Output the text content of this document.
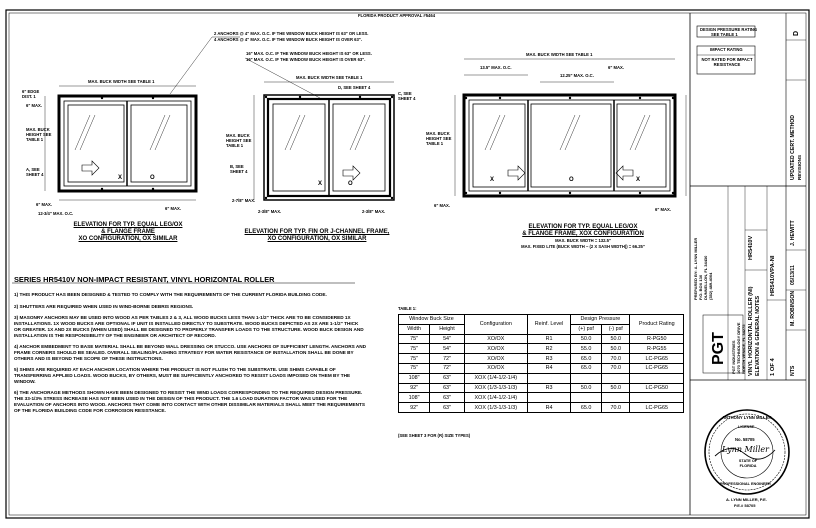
FLORIDA PRODUCT APPROVAL #5464
MAX. BUCK WIDTH SEE TABLE 1
6" EDGE DIST. 1
6" MAX.
MAX. BUCK HEIGHT SEE TABLE 1
A, SEE SHEET 4
6" MAX.
12-3/4" MAX. O.C.
6" MAX.
X	O
ELEVATION FOR TYP. EQUAL LEG/OX
& FLANGE FRAME
XO CONFIGURATION, OX SIMILAR
2 ANCHORS @ 4" MAX. O.C. IF THE WINDOW BUCK HEIGHT IS 63" OR LESS.
4 ANCHORS @ 4" MAX. O.C. IF THE WINDOW BUCK HEIGHT IS OVER 63".
16" MAX. O.C. IF THE WINDOW BUCK HEIGHT IS 63" OR LESS.
16" MAX. O.C. IF THE WINDOW BUCK HEIGHT IS OVER 63".
MAX. BUCK WIDTH SEE TABLE 1
D, SEE SHEET 4
MAX. BUCK HEIGHT SEE TABLE 1
B, SEE SHEET 4
C, SEE SHEET 4
2-7/8" MAX.
2-3/8" MAX.	2-3/8" MAX.
X	O
ELEVATION FOR TYP. FIN OR J-CHANNEL FRAME,
XO CONFIGURATION, OX SIMILAR
MAX. BUCK WIDTH SEE TABLE 1
13.5" MAX. O.C.
12.25" MAX. O.C.
6" MAX.
MAX. BUCK HEIGHT SEE TABLE 1
6" MAX.
6" MAX.
X	O	X
ELEVATION FOR TYP. EQUAL LEG/OX
& FLANGE FRAME, XOX CONFIGURATION
MAX. BUCK WIDTH = 132.5"
MAX. FIXED LITE (BUCK WIDTH – (2 X SASH WIDTH)) = 66.25"
SERIES HR5410V NON-IMPACT RESISTANT, VINYL HORIZONTAL ROLLER

1) THIS PRODUCT HAS BEEN DESIGNED & TESTED TO COMPLY WITH THE REQUIREMENTS OF THE CURRENT FLORIDA BUILDING CODE.

2) SHUTTERS ARE REQUIRED WHEN USED IN WIND-BORNE DEBRIS REGIONS.

3) MASONRY ANCHORS MAY BE USED INTO WOOD AS PER TABLES 2 & 3, ALL WOOD BUCKS LESS THAN 1-1/2" THICK ARE TO BE CONSIDERED 1X INSTALLATIONS. 1X WOOD BUCKS ARE OPTIONAL IF UNIT IS INSTALLED DIRECTLY TO SUBSTRATE. WOOD BUCKS DEPICTED AS 2X ARE 1-1/2" THICK OR GREATER. 1X AND 2X BUCKS (WHEN USED) SHALL BE DESIGNED TO PROPERLY TRANSFER LOADS TO THE STRUCTURE. WOOD BUCK DESIGN AND INSTALLATION IS THE RESPONSIBILITY OF THE ENGINEER OR ARCHITECT OF RECORD.

4) ANCHOR EMBEDMENT TO BASE MATERIAL SHALL BE BEYOND WALL DRESSING OR STUCCO. USE ANCHORS OF SUFFICIENT LENGTH. ANCHORS AND FRAME CORNERS SHOULD BE SEALED. OVERALL SEALING/FLASHING STRATEGY FOR WATER RESISTANCE OF INSTALLATION SHALL BE DONE BY OTHERS AND IS BEYOND THE SCOPE OF THESE INSTRUCTIONS.

5) SHIMS ARE REQUIRED AT EACH ANCHOR LOCATION WHERE THE PRODUCT IS NOT FLUSH TO THE SUBSTRATE. USE SHIMS CAPABLE OF TRANSFERRING APPLIED LOADS. WOOD BUCKS, BY OTHERS, MUST BE SUFFICIENTLY ANCHORED TO RESIST LOADS IMPOSED ON THEM BY THE WINDOW.

6) THE ANCHORAGE METHODS SHOWN HAVE BEEN DESIGNED TO RESIST THE WIND LOADS CORRESPONDING TO THE REQUIRED DESIGN PRESSURE. THE 33-1/3% STRESS INCREASE HAS NOT BEEN USED IN THE DESIGN OF THIS PRODUCT. THE 1.6 LOAD DURATION FACTOR WAS USED FOR THE EVALUATION OF ANCHORS INTO WOOD. ANCHORS THAT COME INTO CONTACT WITH OTHER DISSIMILAR MATERIALS SHALL MEET THE REQUIREMENTS OF THE FLORIDA BUILDING CODE FOR CORROSION RESISTANCE.

TABLE 1:
Window Buck Size		Configuration	Reinf. Level	Design Pressure		Product Rating
Width	Height			(+) psf	(-) psf	
75"	54"	XO/OX	R1	50.0	50.0	R-PG50
75"	54"	XO/OX	R2	55.0	50.0	R-PG55
75"	72"	XO/OX	R3	65.0	70.0	LC-PG65
75"	72"	XO/OX	R4	65.0	70.0	LC-PG65
108"	63"	XOX (1/4-1/2-1/4)				
92"	63"	XOX (1/3-1/3-1/3)	R3	50.0	50.0	LC-PG50
108"	63"	XOX (1/4-1/2-1/4)				
92"	63"	XOX (1/3-1/3-1/3)	R4	65.0	70.0	LC-PG65
(SEE SHEET 3 FOR (R) SIZE TYPES)
DESIGN PRESSURE RATING
SEE TABLE 1
IMPACT RATING
NOT RATED FOR IMPACT RESISTANCE
UPDATED CERT. METHOD REVISIONS
D
J. HEWITT
05/13/11
M. ROBINSON
NTS
HR5410VPA-NI
1 OF 4
VINYL HORIZONTAL ROLLER (NI) ELEVATION & GENERAL NOTES
HR5410V
PREPARED BY: A. LYNN MILLER P.O. BOX 130 DUNNELLON, FL 34430 (352) 489-4004
PGT INDUSTRIES 1070 TECHNOLOGY DRIVE NORTH VENICE, FL 34275
PGT
ANTHONY LYNN MILLER
LICENSE
No. 58705
Lynn Miller
STATE OF FLORIDA
PROFESSIONAL ENGINEER
A. LYNN MILLER, P.E.
P.E.# 58705
